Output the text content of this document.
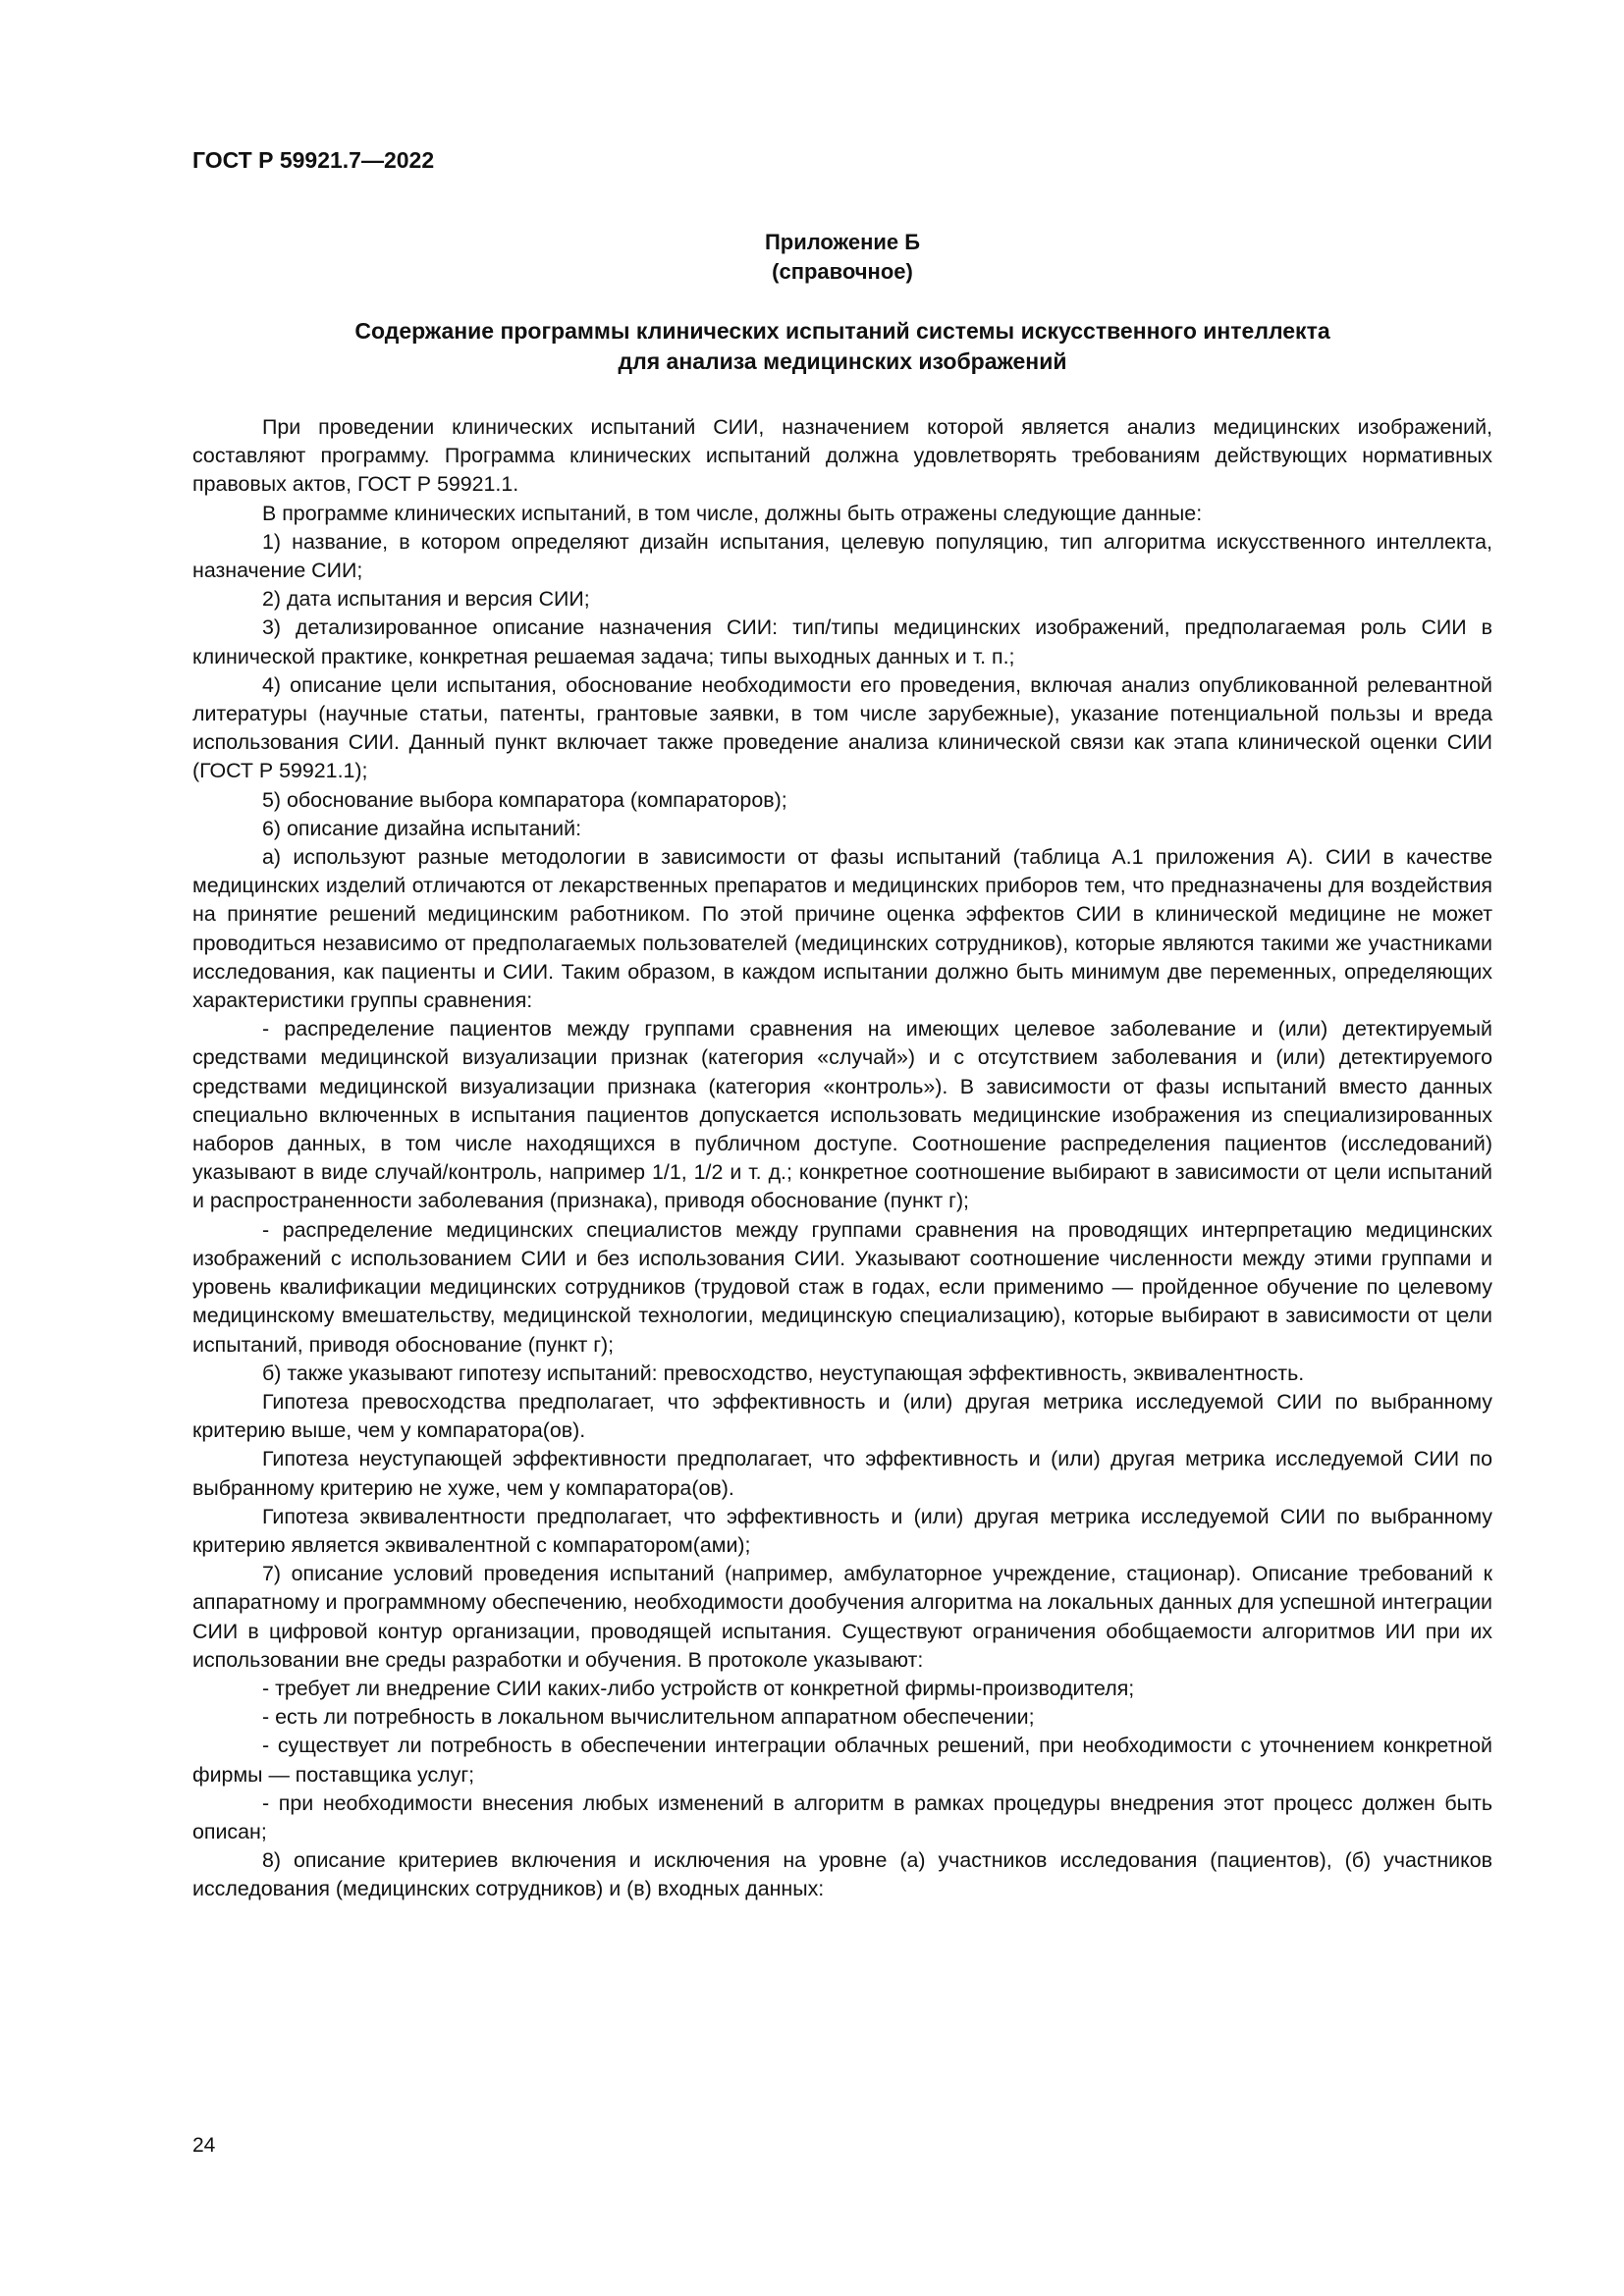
ГОСТ Р 59921.7—2022
Приложение Б
(справочное)
Содержание программы клинических испытаний системы искусственного интеллекта
для анализа медицинских изображений

При проведении клинических испытаний СИИ, назначением которой является анализ медицинских изображений, составляют программу. Программа клинических испытаний должна удовлетворять требованиям действующих нормативных правовых актов, ГОСТ Р 59921.1.

В программе клинических испытаний, в том числе, должны быть отражены следующие данные:

1) название, в котором определяют дизайн испытания, целевую популяцию, тип алгоритма искусственного интеллекта, назначение СИИ;

2) дата испытания и версия СИИ;

3) детализированное описание назначения СИИ: тип/типы медицинских изображений, предполагаемая роль СИИ в клинической практике, конкретная решаемая задача; типы выходных данных и т. п.;

4) описание цели испытания, обоснование необходимости его проведения, включая анализ опубликованной релевантной литературы (научные статьи, патенты, грантовые заявки, в том числе зарубежные), указание потенциальной пользы и вреда использования СИИ. Данный пункт включает также проведение анализа клинической связи как этапа клинической оценки СИИ (ГОСТ Р 59921.1);

5) обоснование выбора компаратора (компараторов);

6) описание дизайна испытаний:

а) используют разные методологии в зависимости от фазы испытаний (таблица А.1 приложения А). СИИ в качестве медицинских изделий отличаются от лекарственных препаратов и медицинских приборов тем, что предназначены для воздействия на принятие решений медицинским работником. По этой причине оценка эффектов СИИ в клинической медицине не может проводиться независимо от предполагаемых пользователей (медицинских сотрудников), которые являются такими же участниками исследования, как пациенты и СИИ. Таким образом, в каждом испытании должно быть минимум две переменных, определяющих характеристики группы сравнения:

- распределение пациентов между группами сравнения на имеющих целевое заболевание и (или) детектируемый средствами медицинской визуализации признак (категория «случай») и с отсутствием заболевания и (или) детектируемого средствами медицинской визуализации признака (категория «контроль»). В зависимости от фазы испытаний вместо данных специально включенных в испытания пациентов допускается использовать медицинские изображения из специализированных наборов данных, в том числе находящихся в публичном доступе. Соотношение распределения пациентов (исследований) указывают в виде случай/контроль, например 1/1, 1/2 и т. д.; конкретное соотношение выбирают в зависимости от цели испытаний и распространенности заболевания (признака), приводя обоснование (пункт г);

- распределение медицинских специалистов между группами сравнения на проводящих интерпретацию медицинских изображений с использованием СИИ и без использования СИИ. Указывают соотношение численности между этими группами и уровень квалификации медицинских сотрудников (трудовой стаж в годах, если применимо — пройденное обучение по целевому медицинскому вмешательству, медицинской технологии, медицинскую специализацию), которые выбирают в зависимости от цели испытаний, приводя обоснование (пункт г);

б) также указывают гипотезу испытаний: превосходство, неуступающая эффективность, эквивалентность.

Гипотеза превосходства предполагает, что эффективность и (или) другая метрика исследуемой СИИ по выбранному критерию выше, чем у компаратора(ов).

Гипотеза неуступающей эффективности предполагает, что эффективность и (или) другая метрика исследуемой СИИ по выбранному критерию не хуже, чем у компаратора(ов).

Гипотеза эквивалентности предполагает, что эффективность и (или) другая метрика исследуемой СИИ по выбранному критерию является эквивалентной с компаратором(ами);

7) описание условий проведения испытаний (например, амбулаторное учреждение, стационар). Описание требований к аппаратному и программному обеспечению, необходимости дообучения алгоритма на локальных данных для успешной интеграции СИИ в цифровой контур организации, проводящей испытания. Существуют ограничения обобщаемости алгоритмов ИИ при их использовании вне среды разработки и обучения. В протоколе указывают:

- требует ли внедрение СИИ каких-либо устройств от конкретной фирмы-производителя;

- есть ли потребность в локальном вычислительном аппаратном обеспечении;

- существует ли потребность в обеспечении интеграции облачных решений, при необходимости с уточнением конкретной фирмы — поставщика услуг;

- при необходимости внесения любых изменений в алгоритм в рамках процедуры внедрения этот процесс должен быть описан;

8) описание критериев включения и исключения на уровне (а) участников исследования (пациентов), (б) участников исследования (медицинских сотрудников) и (в) входных данных:

24
